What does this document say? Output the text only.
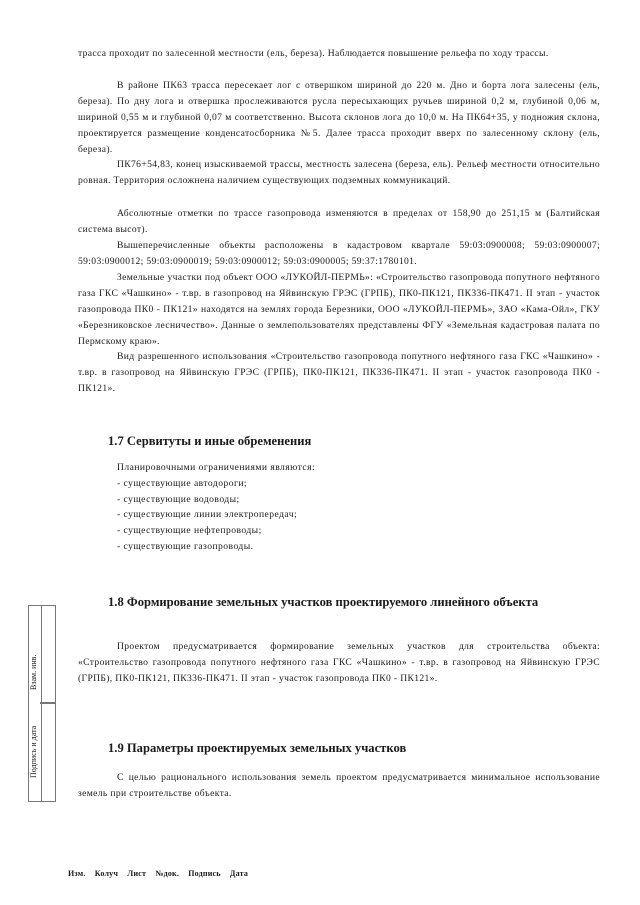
трасса проходит по залесенной местности (ель, береза). Наблюдается повышение рельефа по ходу трассы.

В районе ПК63 трасса пересекает лог с отвершком шириной до 220 м. Дно и борта лога залесены (ель, береза). По дну лога и отвершка прослеживаются русла пересыхающих ручьев шириной 0,2 м, глубиной 0,06 м, шириной 0,55 м и глубиной 0,07 м соответственно. Высота склонов лога до 10,0 м. На ПК64+35, у подножия склона, проектируется размещение конденсатосборника №5. Далее трасса проходит вверх по залесенному склону (ель, береза).

ПК76+54,83, конец изыскиваемой трассы, местность залесена (береза, ель). Рельеф местности относительно ровная. Территория осложнена наличием существующих подземных коммуникаций.

Абсолютные отметки по трассе газопровода изменяются в пределах от 158,90 до 251,15 м (Балтийская система высот).

Вышеперечисленные объекты расположены в кадастровом квартале 59:03:0900008; 59:03:0900007; 59:03:0900012; 59:03:0900019; 59:03:0900012; 59:03:0900005; 59:37:1780101.

Земельные участки под объект ООО «ЛУКОЙЛ-ПЕРМЬ»: «Строительство газопровода попутного нефтяного газа ГКС «Чашкино» - т.вр. в газопровод на Яйвинскую ГРЭС (ГРПБ), ПК0-ПК121, ПК336-ПК471. II этап - участок газопровода ПК0 - ПК121» находятся на землях города Березники, ООО «ЛУКОЙЛ-ПЕРМЬ», ЗАО «Кама-Ойл», ГКУ «Березниковское лесничество». Данные о землепользователях представлены ФГУ «Земельная кадастровая палата по Пермскому краю».

Вид разрешенного использования «Строительство газопровода попутного нефтяного газа ГКС «Чашкино» - т.вр. в газопровод на Яйвинскую ГРЭС (ГРПБ), ПК0-ПК121, ПК336-ПК471. II этап - участок газопровода ПК0 - ПК121».

1.7 Сервитуты и иные обременения

Планировочными ограничениями являются:

- существующие автодороги;
- существующие водоводы;
- существующие линии электропередач;
- существующие нефтепроводы;
- существующие газопроводы.
1.8 Формирование земельных участков проектируемого линейного объекта

Проектом предусматривается формирование земельных участков для строительства объекта: «Строительство газопровода попутного нефтяного газа ГКС «Чашкино» - т.вр. в газопровод на Яйвинскую ГРЭС (ГРПБ), ПК0-ПК121, ПК336-ПК471. II этап - участок газопровода ПК0 - ПК121».

1.9 Параметры проектируемых земельных участков

С целью рационального использования земель проектом предусматривается минимальное использование земель при строительстве объекта.

Взам. инв.
Подпись и дата
Изм. Колуч Лист №док. Подпись Дата
